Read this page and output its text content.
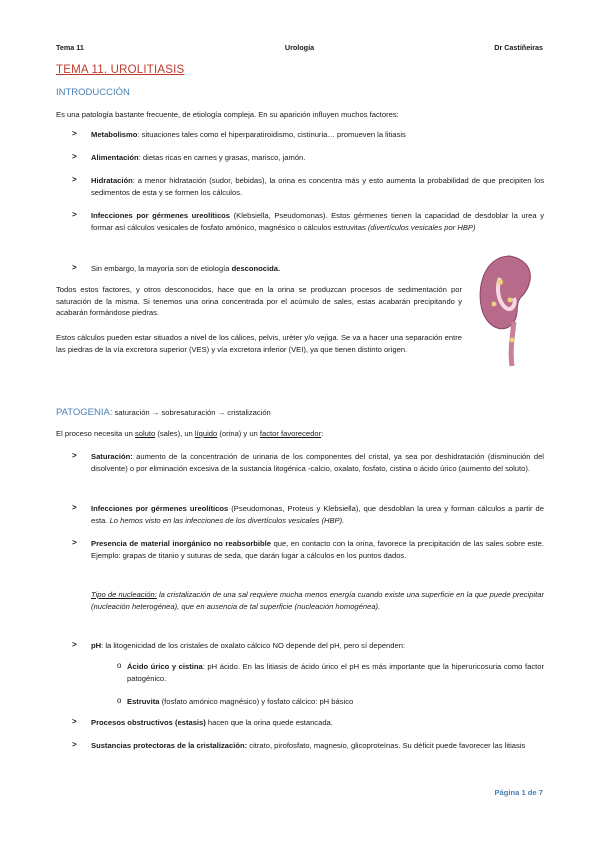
Tema 11	Urología	Dr Castiñeiras
TEMA 11. UROLITIASIS
INTRODUCCIÓN
Es una patología bastante frecuente, de etiología compleja. En su aparición influyen muchos factores:
>	Metabolismo: situaciones tales como el hiperparatiroidismo, cistinuria… promueven la litiasis
>	Alimentación: dietas ricas en carnes y grasas, marisco, jamón.
>	Hidratación: a menor hidratación (sudor, bebidas), la orina es concentra más y esto aumenta la probabilidad de que precipiten los sedimentos de esta y se formen los cálculos.
>	Infecciones por gérmenes ureolíticos (Klebsiella, Pseudomonas). Estos gérmenes tienen la capacidad de desdoblar la urea y formar así cálculos vesicales de fosfato amónico, magnésico o cálculos estruvitas (divertículos vesicales por HBP)
>	Sin embargo, la mayoría son de etiología desconocida.
Todos estos factores, y otros desconocidos, hace que en la orina se produzcan procesos de sedimentación por saturación de la misma. Si tenemos una orina concentrada por el acúmulo de sales, estas acabarán precipitando y acabarán formándose piedras.
Estos cálculos pueden estar situados a nivel de los cálices, pelvis, uréter y/o vejiga. Se va a hacer una separación entre las piedras de la vía excretora superior (VES) y vía excretora inferior (VEI), ya que tienen distinto origen.
PATOGENIA: saturación → sobresaturación → cristalización
El proceso necesita un soluto (sales), un líquido (orina) y un factor favorecedor:
>	Saturación: aumento de la concentración de urinaria de los componentes del cristal, ya sea por deshidratación (disminución del disolvente) o por eliminación excesiva de la sustancia litogénica -calcio, oxalato, fosfato, cistina o ácido úrico (aumento del soluto).
>	Infecciones por gérmenes ureolíticos (Pseudomonas, Proteus y Klebsiella), que desdoblan la urea y forman cálculos a partir de esta. Lo hemos visto en las infecciones de los divertículos vesicales (HBP).
>	Presencia de material inorgánico no reabsorbible que, en contacto con la orina, favorece la precipitación de las sales sobre este. Ejemplo: grapas de titanio y suturas de seda, que darán lugar a cálculos en los puntos dados.
Tipo de nucleación: la cristalización de una sal requiere mucha menos energía cuando existe una superficie en la que puede precipitar (nucleación heterogénea), que en ausencia de tal superficie (nucleación homogénea).
>	pH: la litogenicidad de los cristales de oxalato cálcico NO depende del pH, pero sí dependen:
o Ácido úrico y cistina: pH ácido. En las litiasis de ácido úrico el pH es más importante que la hiperuricosuria como factor patogénico.
o Estruvita (fosfato amónico magnésico) y fosfato cálcico: pH básico
>	Procesos obstructivos (estasis) hacen que la orina quede estancada.
>	Sustancias protectoras de la cristalización: citrato, pirofosfato, magnesio, glicoproteínas. Su déficit puede favorecer las litiasis
Página 1 de 7
